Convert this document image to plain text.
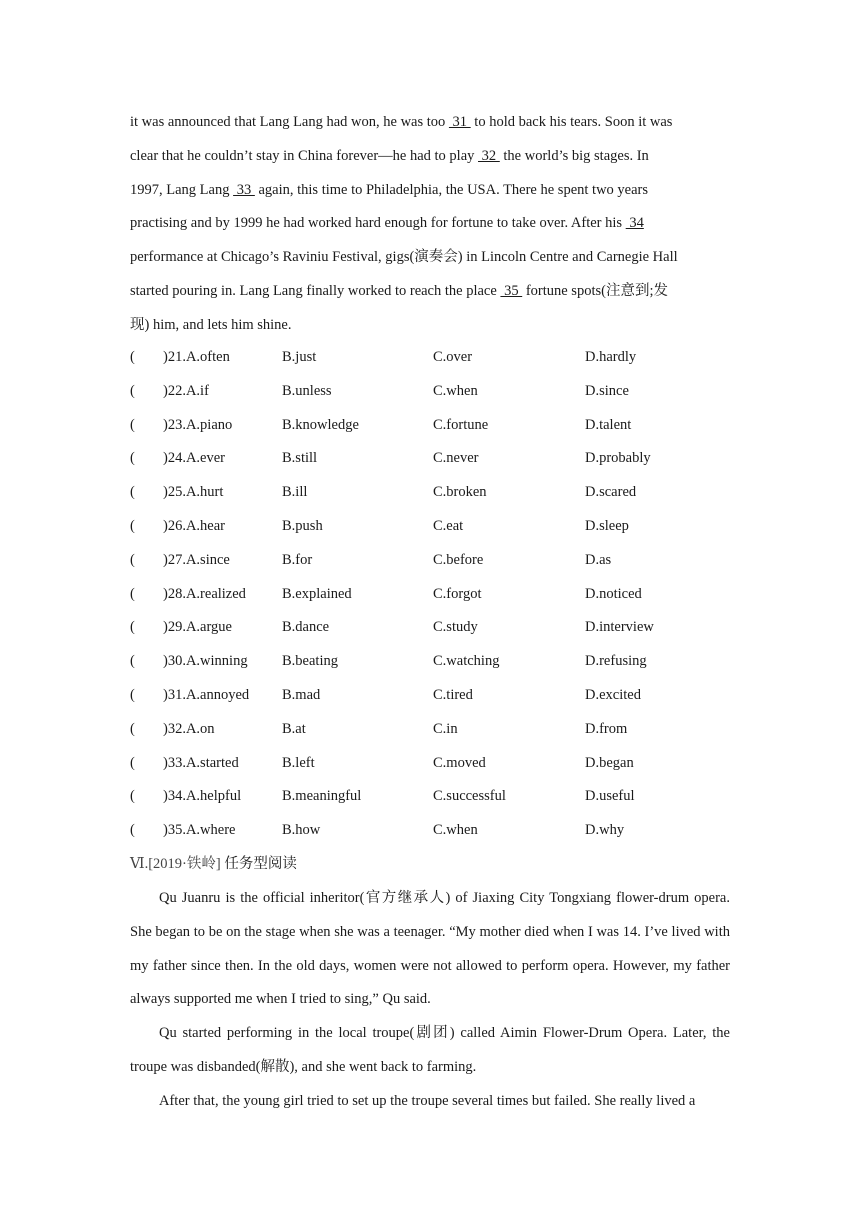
it was announced that Lang Lang had won, he was too  31  to hold back his tears. Soon it was

clear that he couldn’t stay in China forever—he had to play  32  the world’s big stages. In

1997, Lang Lang  33  again, this time to Philadelphia, the USA. There he spent two years

practising and by 1999 he had worked hard enough for fortune to take over. After his  34

performance at Chicago’s Raviniu Festival, gigs(演奏会) in Lincoln Centre and Carnegie Hall

started pouring in. Lang Lang finally worked to reach the place  35  fortune spots(注意到;发

现) him, and lets him shine.

( )21.A.often	B.just	C.over	D.hardly
( )22.A.if	B.unless	C.when	D.since
( )23.A.piano	B.knowledge	C.fortune	D.talent
( )24.A.ever	B.still	C.never	D.probably
( )25.A.hurt	B.ill	C.broken	D.scared
( )26.A.hear	B.push	C.eat	D.sleep
( )27.A.since	B.for	C.before	D.as
( )28.A.realized B.explained	C.forgot	D.noticed
( )29.A.argue	B.dance	C.study	D.interview
( )30.A.winning B.beating	C.watching	D.refusing
( )31.A.annoyed B.mad	C.tired	D.excited
( )32.A.on	B.at	C.in	D.from
( )33.A.started	B.left	C.moved	D.began
( )34.A.helpful	B.meaningful	C.successful	D.useful
( )35.A.where	B.how	C.when	D.why
Ⅵ.[2019·铁岭] 任务型阅读

Qu Juanru is the official inheritor(官方继承人) of Jiaxing City Tongxiang flower-drum opera. She began to be on the stage when she was a teenager. “My mother died when I was 14. I’ve lived with my father since then. In the old days, women were not allowed to perform opera. However, my father always supported me when I tried to sing,” Qu said.

Qu started performing in the local troupe(剧团) called Aimin Flower-Drum Opera. Later, the troupe was disbanded(解散), and she went back to farming.

After that, the young girl tried to set up the troupe several times but failed. She really lived a
